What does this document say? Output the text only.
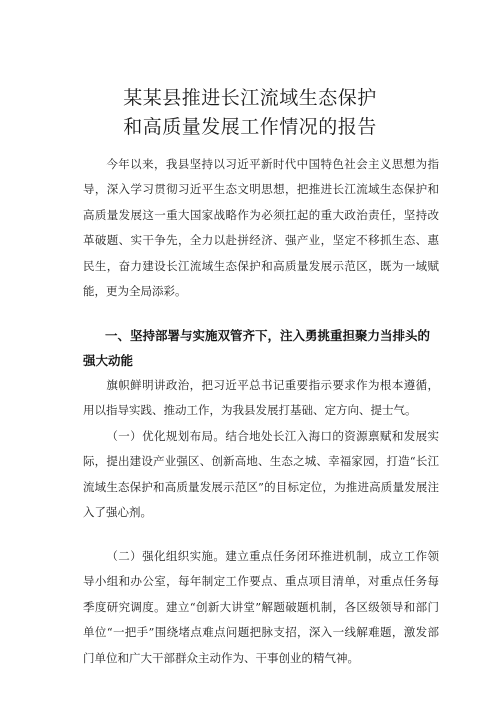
某某县推进长江流域生态保护
和高质量发展工作情况的报告

今年以来，我县坚持以习近平新时代中国特色社会主义思想为指导，深入学习贯彻习近平生态文明思想，把推进长江流域生态保护和高质量发展这一重大国家战略作为必须扛起的重大政治责任，坚持改革破题、实干争先，全力以赴拼经济、强产业，坚定不移抓生态、惠民生，奋力建设长江流域生态保护和高质量发展示范区，既为一域赋能，更为全局添彩。

一、坚持部署与实施双管齐下，注入勇挑重担聚力当排头的强大动能

旗帜鲜明讲政治，把习近平总书记重要指示要求作为根本遵循，用以指导实践、推动工作，为我县发展打基础、定方向、提士气。

（一）优化规划布局。结合地处长江入海口的资源禀赋和发展实际，提出建设产业强区、创新高地、生态之城、幸福家园，打造“长江流域生态保护和高质量发展示范区”的目标定位，为推进高质量发展注入了强心剂。

（二）强化组织实施。建立重点任务闭环推进机制，成立工作领导小组和办公室，每年制定工作要点、重点项目清单，对重点任务每季度研究调度。建立“创新大讲堂”解题破题机制，各区级领导和部门单位“一把手”围绕堵点难点问题把脉支招，深入一线解难题，激发部门单位和广大干部群众主动作为、干事创业的精气神。
